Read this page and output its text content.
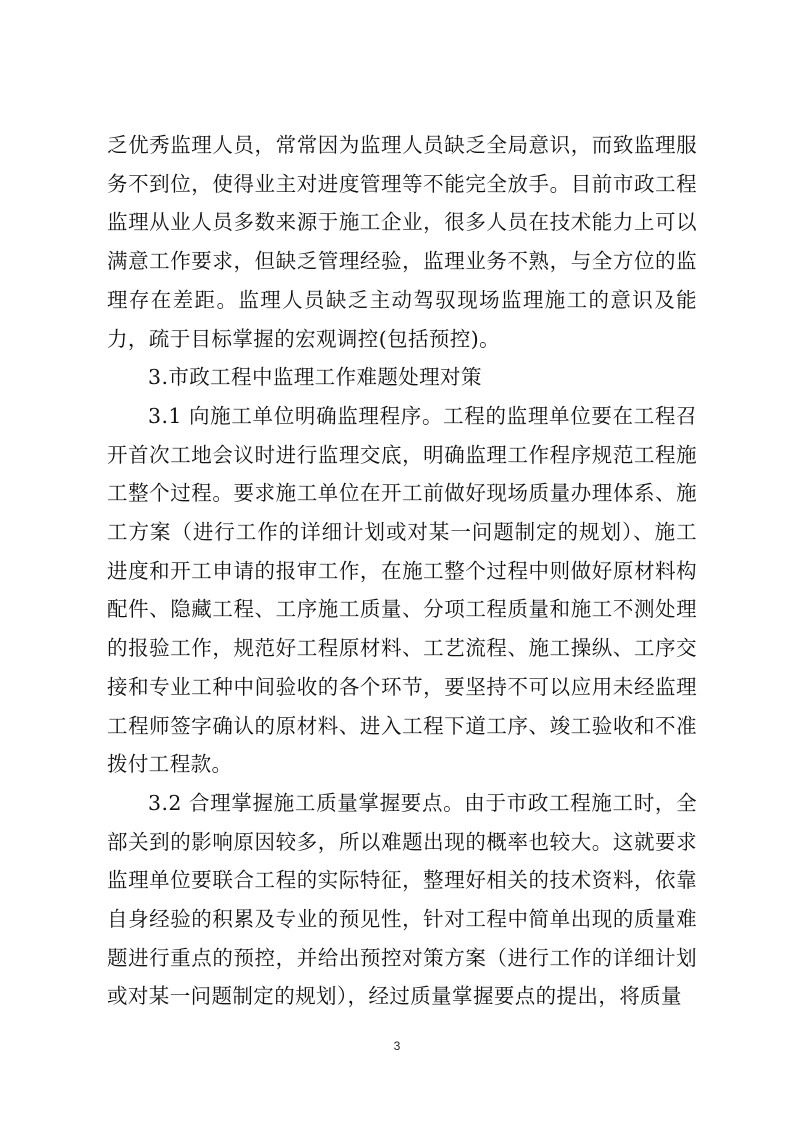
乏优秀监理人员，常常因为监理人员缺乏全局意识，而致监理服务不到位，使得业主对进度管理等不能完全放手。目前市政工程监理从业人员多数来源于施工企业，很多人员在技术能力上可以满意工作要求，但缺乏管理经验，监理业务不熟，与全方位的监理存在差距。监理人员缺乏主动驾驭现场监理施工的意识及能力，疏于目标掌握的宏观调控(包括预控)。

3.市政工程中监理工作难题处理对策

3.1 向施工单位明确监理程序。工程的监理单位要在工程召开首次工地会议时进行监理交底，明确监理工作程序规范工程施工整个过程。要求施工单位在开工前做好现场质量办理体系、施工方案（进行工作的详细计划或对某一问题制定的规划）、施工进度和开工申请的报审工作，在施工整个过程中则做好原材料构配件、隐藏工程、工序施工质量、分项工程质量和施工不测处理的报验工作，规范好工程原材料、工艺流程、施工操纵、工序交接和专业工种中间验收的各个环节，要坚持不可以应用未经监理工程师签字确认的原材料、进入工程下道工序、竣工验收和不准拨付工程款。

3.2 合理掌握施工质量掌握要点。由于市政工程施工时，全部关到的影响原因较多，所以难题出现的概率也较大。这就要求监理单位要联合工程的实际特征，整理好相关的技术资料，依靠自身经验的积累及专业的预见性，针对工程中简单出现的质量难题进行重点的预控，并给出预控对策方案（进行工作的详细计划或对某一问题制定的规划），经过质量掌握要点的提出，将质量

3
